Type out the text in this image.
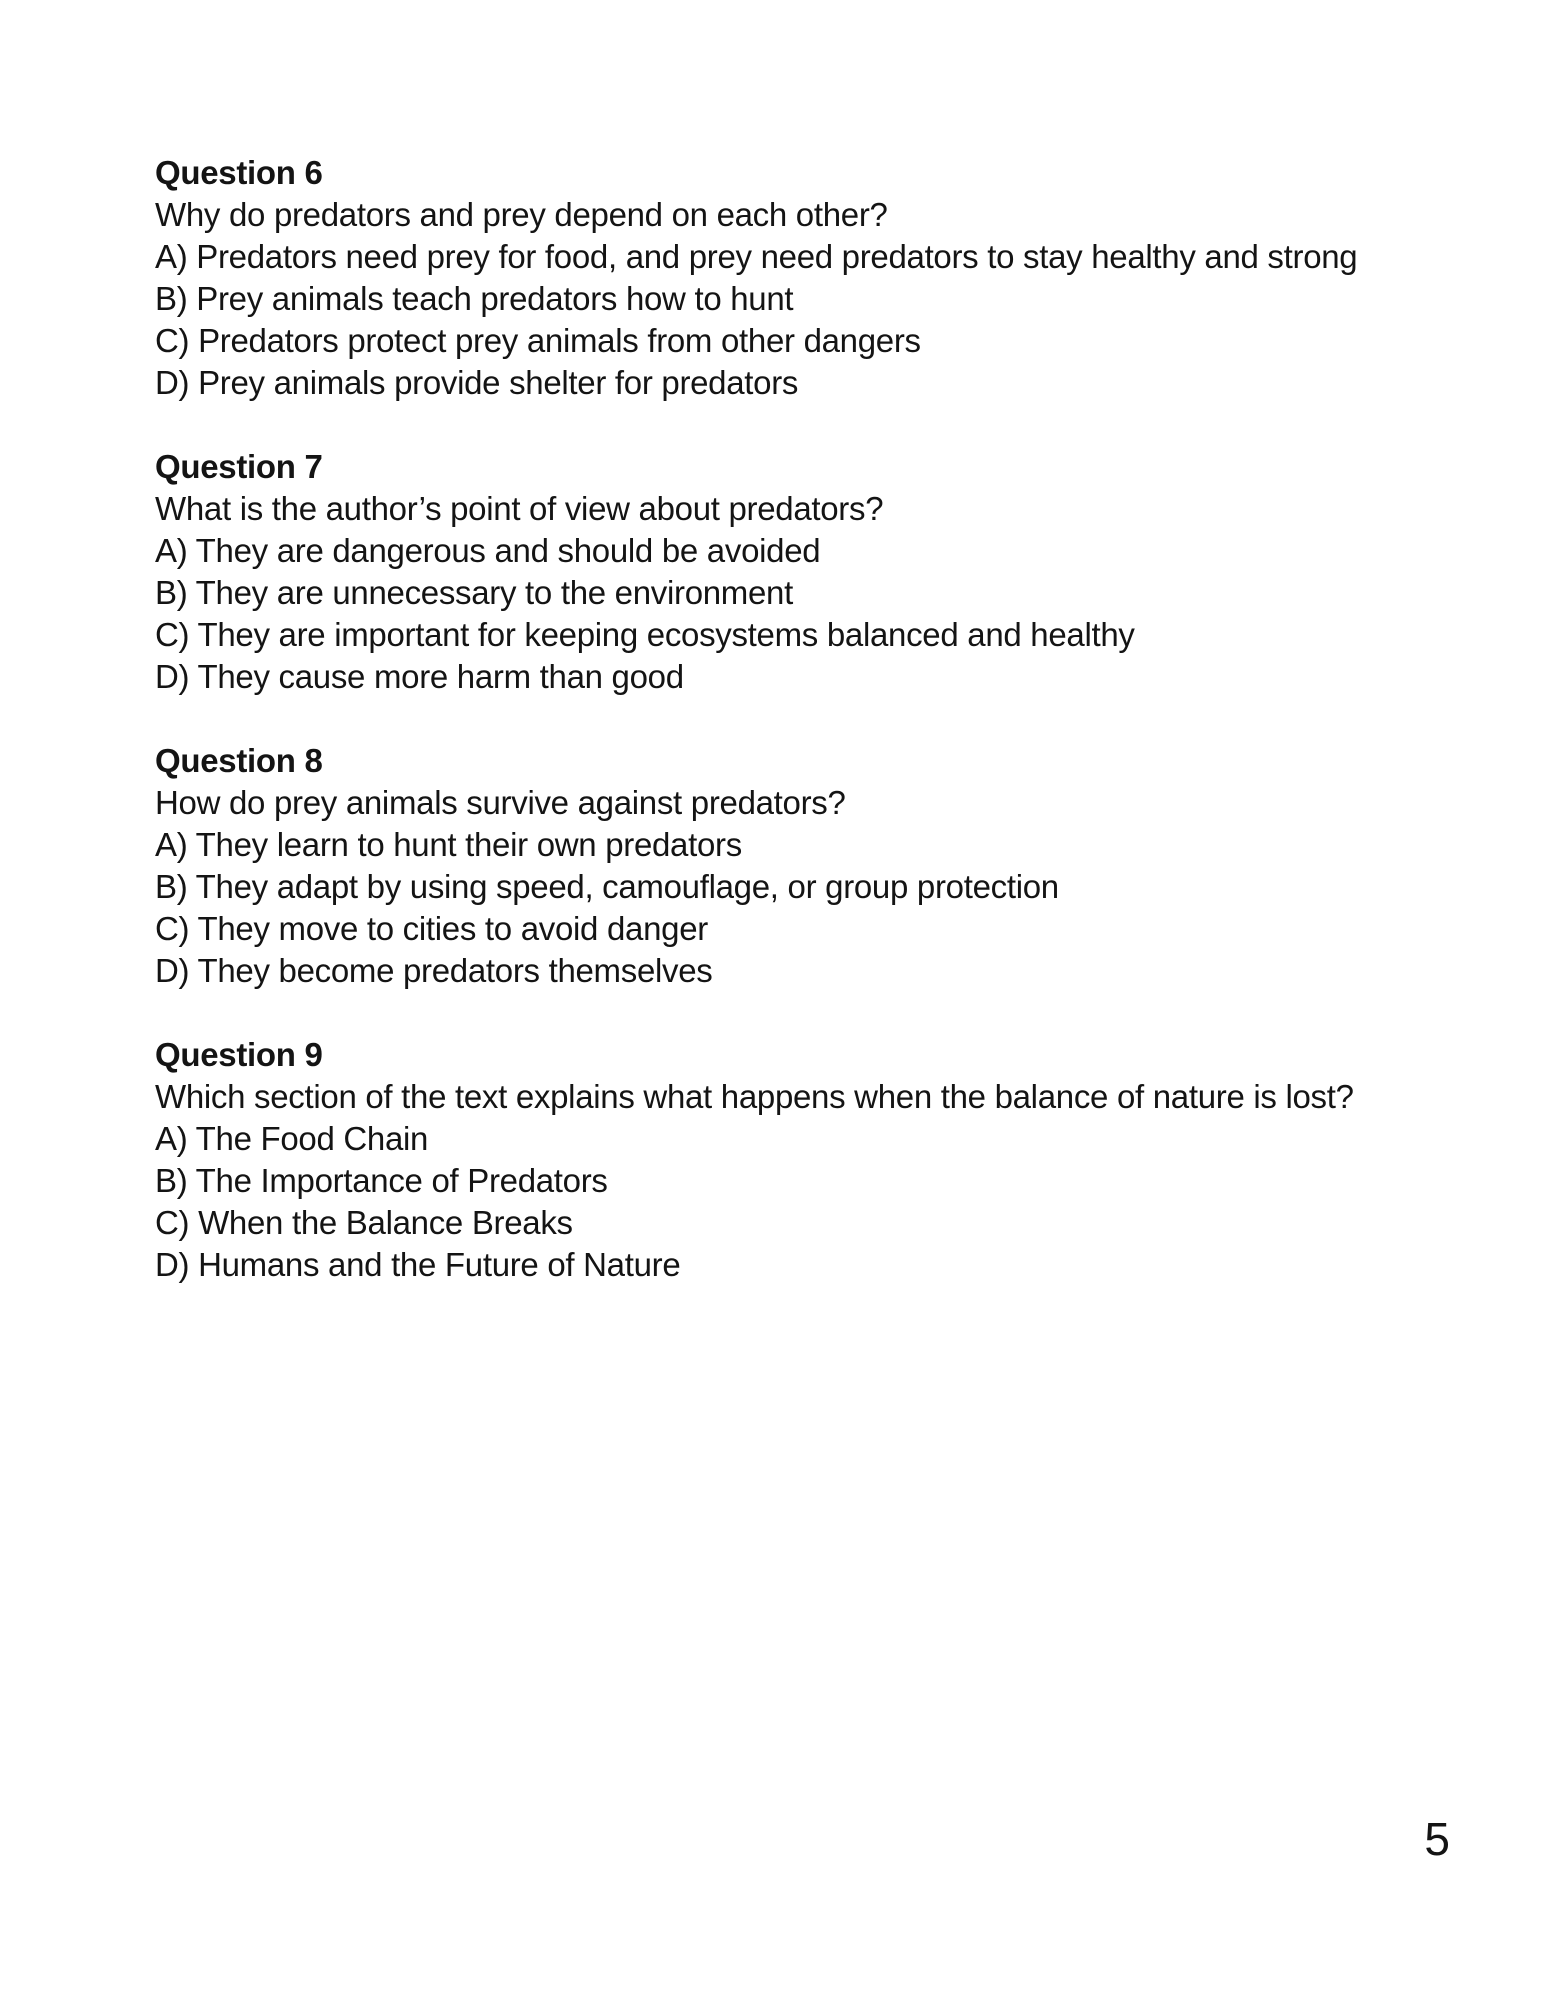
Question 6

Why do predators and prey depend on each other?

A) Predators need prey for food, and prey need predators to stay healthy and strong

B) Prey animals teach predators how to hunt

C) Predators protect prey animals from other dangers

D) Prey animals provide shelter for predators

Question 7

What is the author’s point of view about predators?

A) They are dangerous and should be avoided

B) They are unnecessary to the environment

C) They are important for keeping ecosystems balanced and healthy

D) They cause more harm than good

Question 8

How do prey animals survive against predators?

A) They learn to hunt their own predators

B) They adapt by using speed, camouflage, or group protection

C) They move to cities to avoid danger

D) They become predators themselves

Question 9

Which section of the text explains what happens when the balance of nature is lost?

A) The Food Chain

B) The Importance of Predators

C) When the Balance Breaks

D) Humans and the Future of Nature

5
